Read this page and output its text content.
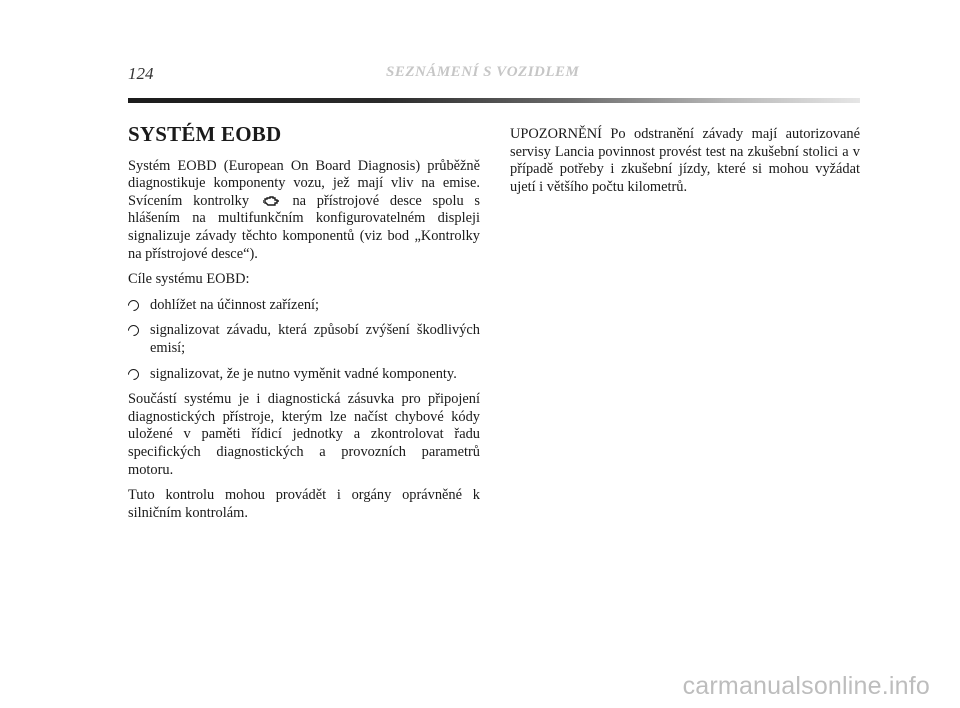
124	SEZNÁMENÍ S VOZIDLEM
SYSTÉM EOBD

Systém EOBD (European On Board Diagnosis) průběžně diagnostikuje komponenty vozu, jež mají vliv na emise. Svícením kontrolky	na přístrojové desce spolu s hlášením na multifunkčním konfigurovatelném displeji signalizuje závady těchto komponentů (viz bod „Kontrolky na přístrojové desce“).

Cíle systému EOBD:

dohlížet na účinnost zařízení;
signalizovat závadu, která způsobí zvýšení škodlivých emisí;
signalizovat, že je nutno vyměnit vadné komponenty.

Součástí systému je i diagnostická zásuvka pro připojení diagnostických přístroje, kterým lze načíst chybové kódy uložené v paměti řídicí jednotky a zkontrolovat řadu specifických diagnostických a provozních parametrů motoru.

Tuto kontrolu mohou provádět i orgány oprávněné k silničním kontrolám.

UPOZORNĚNÍ Po odstranění závady mají autorizované servisy Lancia povinnost provést test na zkušební stolici a v případě potřeby i zkušební jízdy, které si mohou vyžádat ujetí i většího počtu kilometrů.

carmanualsonline.info
